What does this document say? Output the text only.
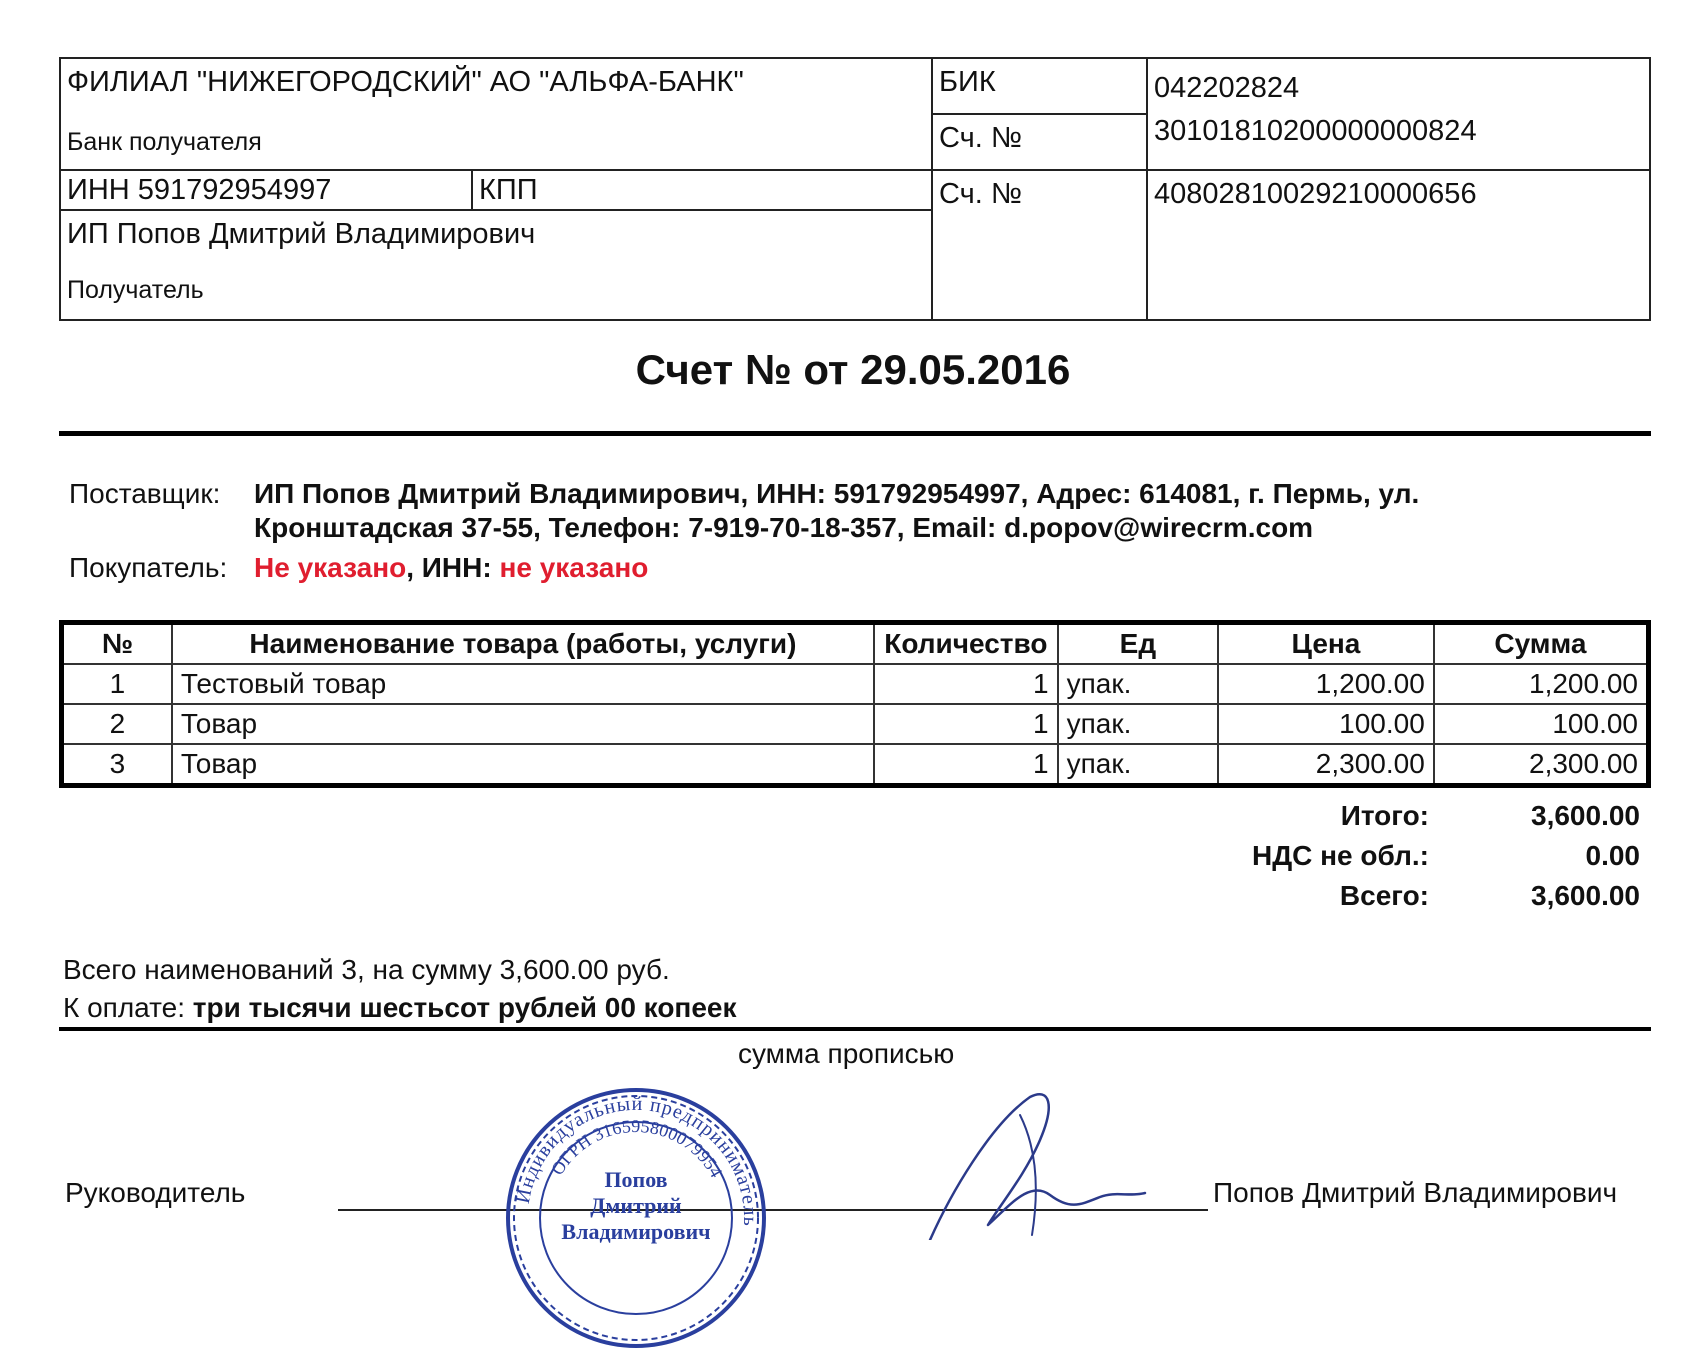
ФИЛИАЛ "НИЖЕГОРОДСКИЙ" АО "АЛЬФА-БАНК"
Банк получателя		БИК	042202824
		Сч. №	30101810200000000824
ИНН 591792954997	КПП	Сч. №	40802810029210000656

ИП Попов Дмитрий Владимирович
Получатель			
Счет № от 29.05.2016
Поставщик: ИП Попов Дмитрий Владимирович, ИНН: 591792954997, Адрес: 614081, г. Пермь, ул.
Кронштадская 37-55, Телефон: 7-919-70-18-357, Email: d.popov@wirecrm.com
Покупатель: Не указано, ИНН: не указано
№	Наименование товара (работы, услуги)	Количество	Ед	Цена	Сумма
1	Тестовый товар	1	упак.	1,200.00	1,200.00
2	Товар	1	упак.	100.00	100.00
3	Товар	1	упак.	2,300.00	2,300.00
Итого:	3,600.00
НДС не обл.:	0.00
Всего:	3,600.00
Всего наименований 3, на сумму 3,600.00 руб.
К оплате: три тысячи шестьсот рублей 00 копеек
сумма прописью
Руководитель	Попов Дмитрий Владимирович
Индивидуальный предприниматель
ОГРН 316595800079954
Попов
Дмитрий
Владимирович
